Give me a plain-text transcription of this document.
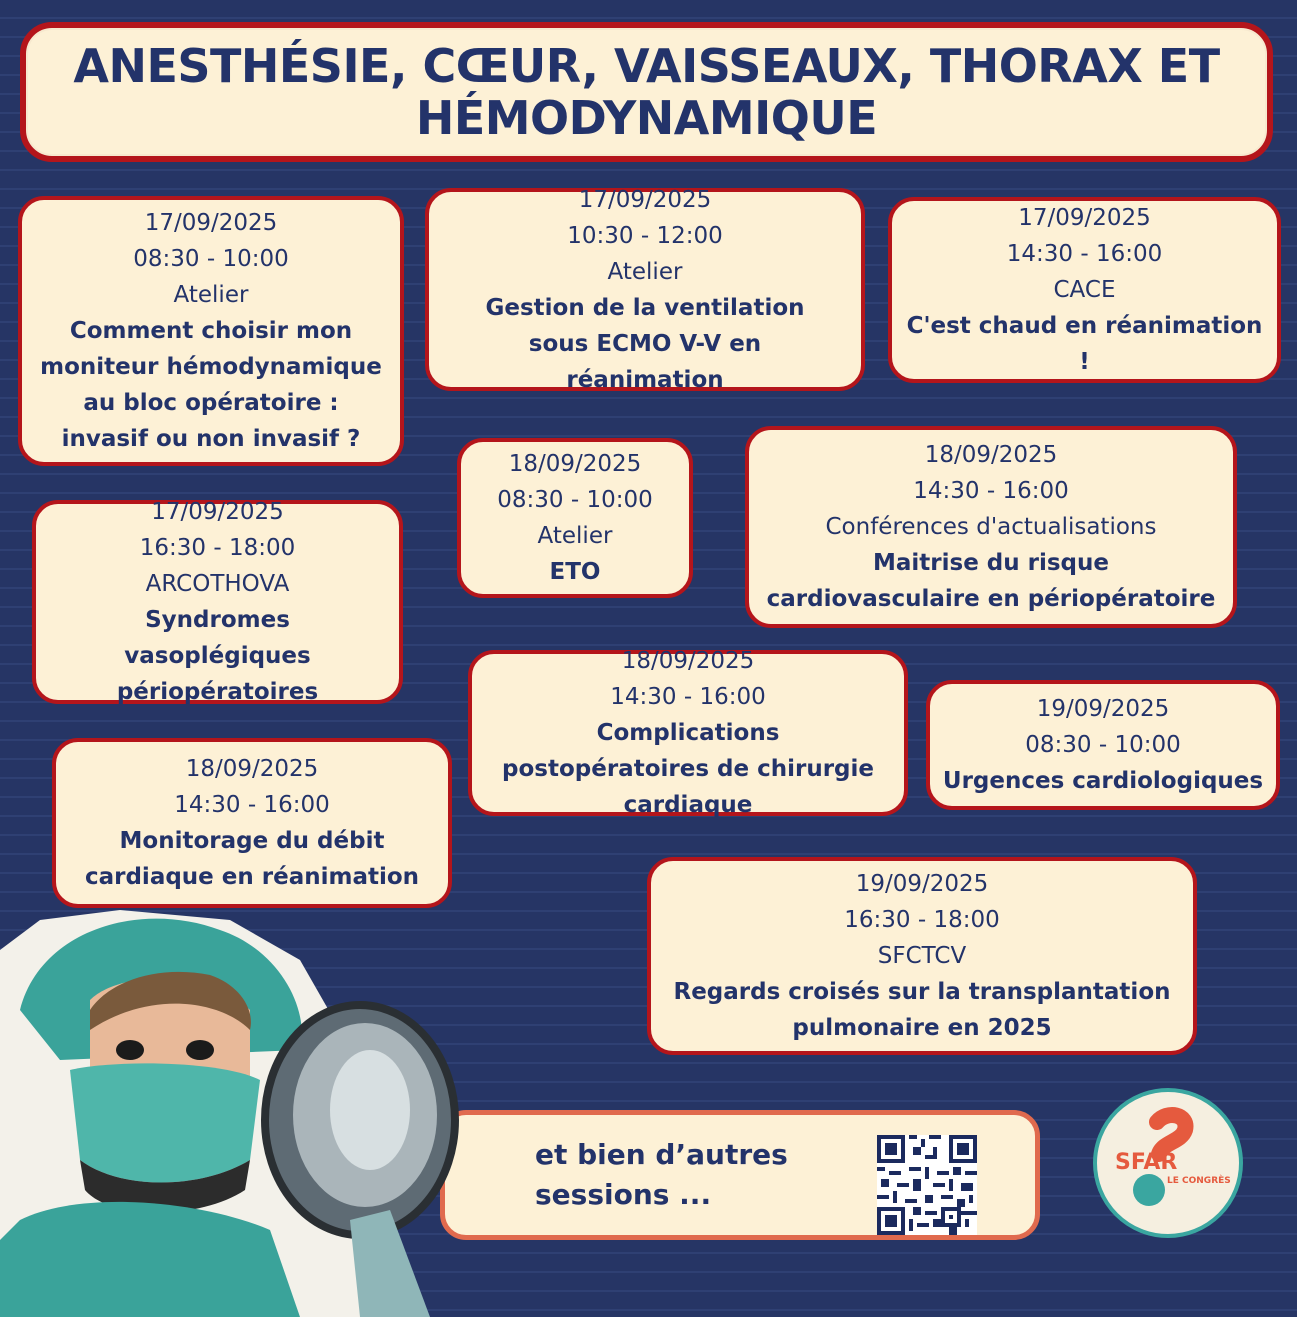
ANESTHÉSIE, CŒUR, VAISSEAUX, THORAX ET HÉMODYNAMIQUE
17/09/2025
08:30 - 10:00
Atelier
Comment choisir mon moniteur hémodynamique au bloc opératoire : invasif ou non invasif ?
17/09/2025
10:30 - 12:00
Atelier
Gestion de la ventilation sous ECMO V-V en réanimation
17/09/2025
14:30 - 16:00
CACE
C'est chaud en réanimation !
18/09/2025
08:30 - 10:00
Atelier
ETO
18/09/2025
14:30 - 16:00
Conférences d'actualisations
Maitrise du risque cardiovasculaire en périopératoire
17/09/2025
16:30 - 18:00
ARCOTHOVA
Syndromes vasoplégiques périopératoires
18/09/2025
14:30 - 16:00
Complications postopératoires de chirurgie cardiaque
19/09/2025
08:30 - 10:00
Urgences cardiologiques
18/09/2025
14:30 - 16:00
Monitorage du débit cardiaque en réanimation	19/09/2025
16:30 - 18:00
SFCTCV
Regards croisés sur la transplantation pulmonaire en 2025
et bien d’autres
sessions ...
SFAR
LE CONGRÈS
